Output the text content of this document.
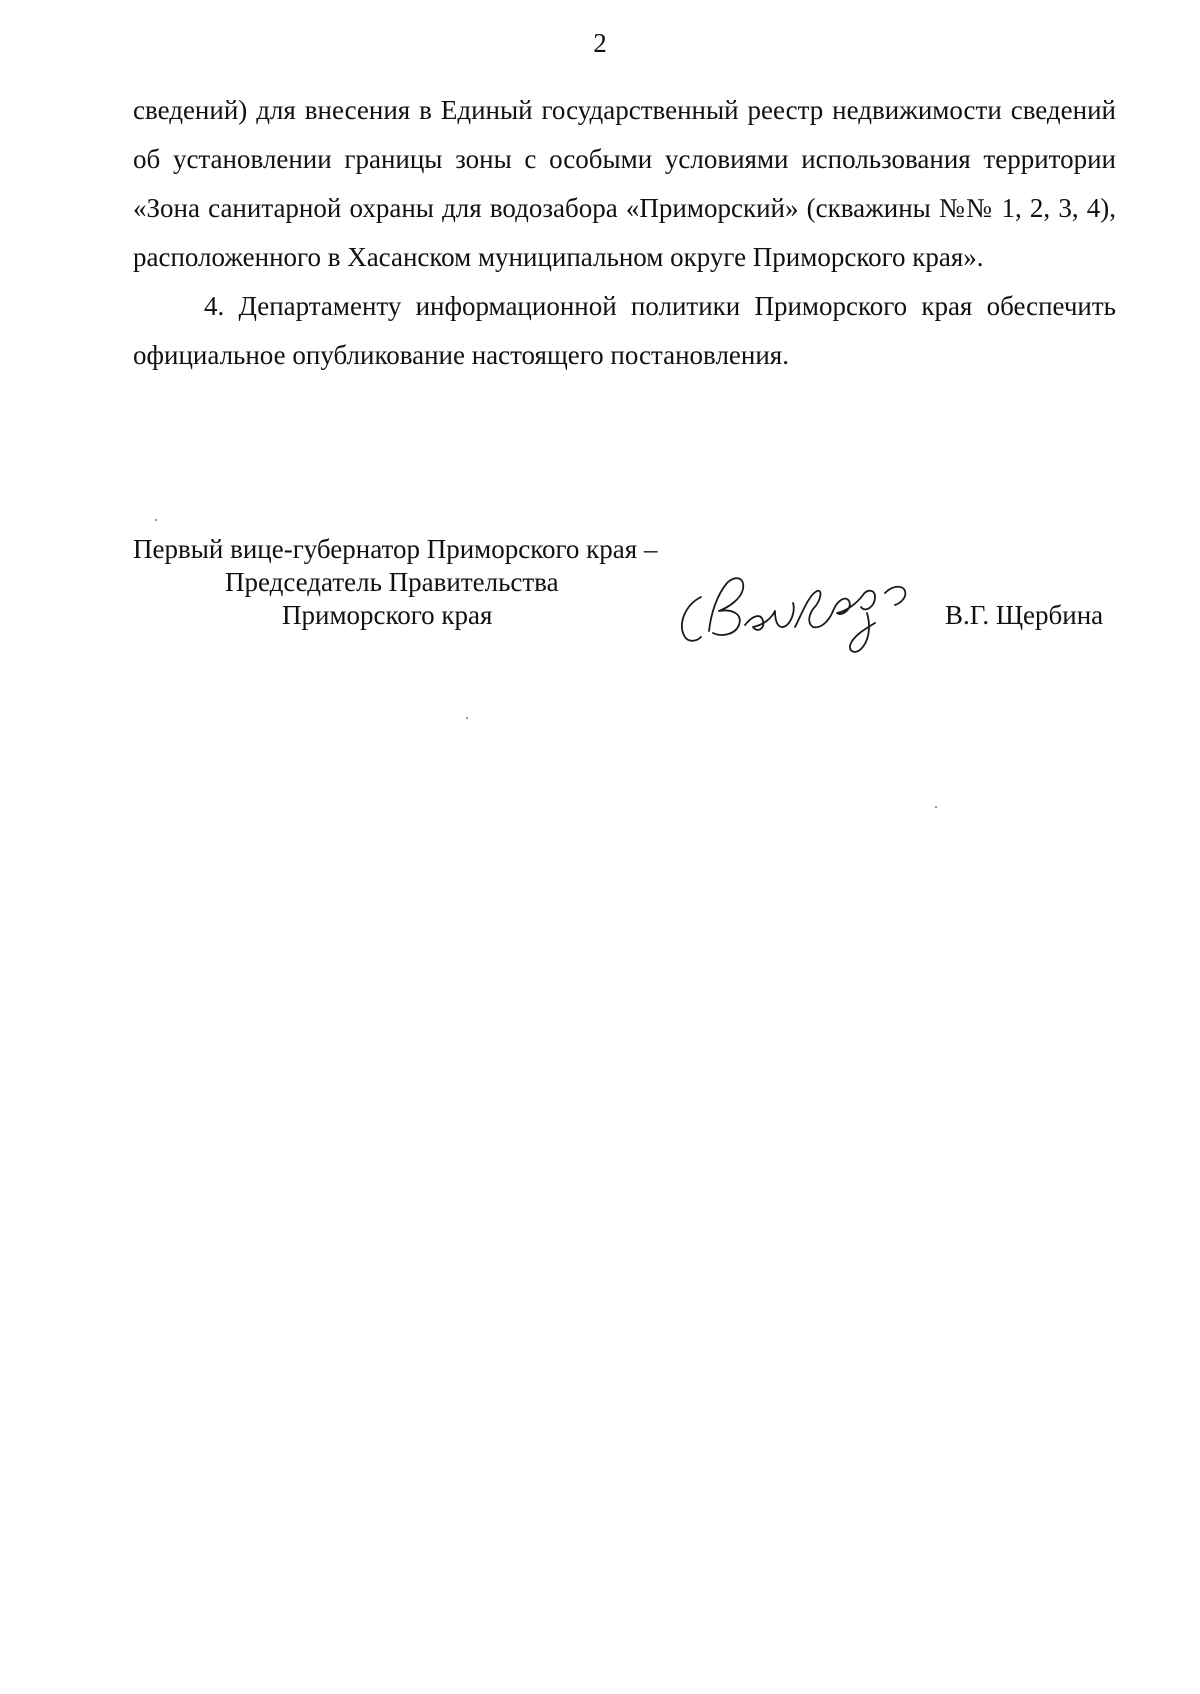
2

сведений) для внесения в Единый государственный реестр недвижимости сведений об установлении границы зоны с особыми условиями использования территории «Зона санитарной охраны для водозабора «Приморский» (скважины №№ 1, 2, 3, 4), расположенного в Хасанском муниципальном округе Приморского края».

4. Департаменту информационной политики Приморского края обеспечить официальное опубликование настоящего постановления.

Первый вице-губернатор Приморского края –
Председатель Правительства
Приморского края	В.Г. Щербина
